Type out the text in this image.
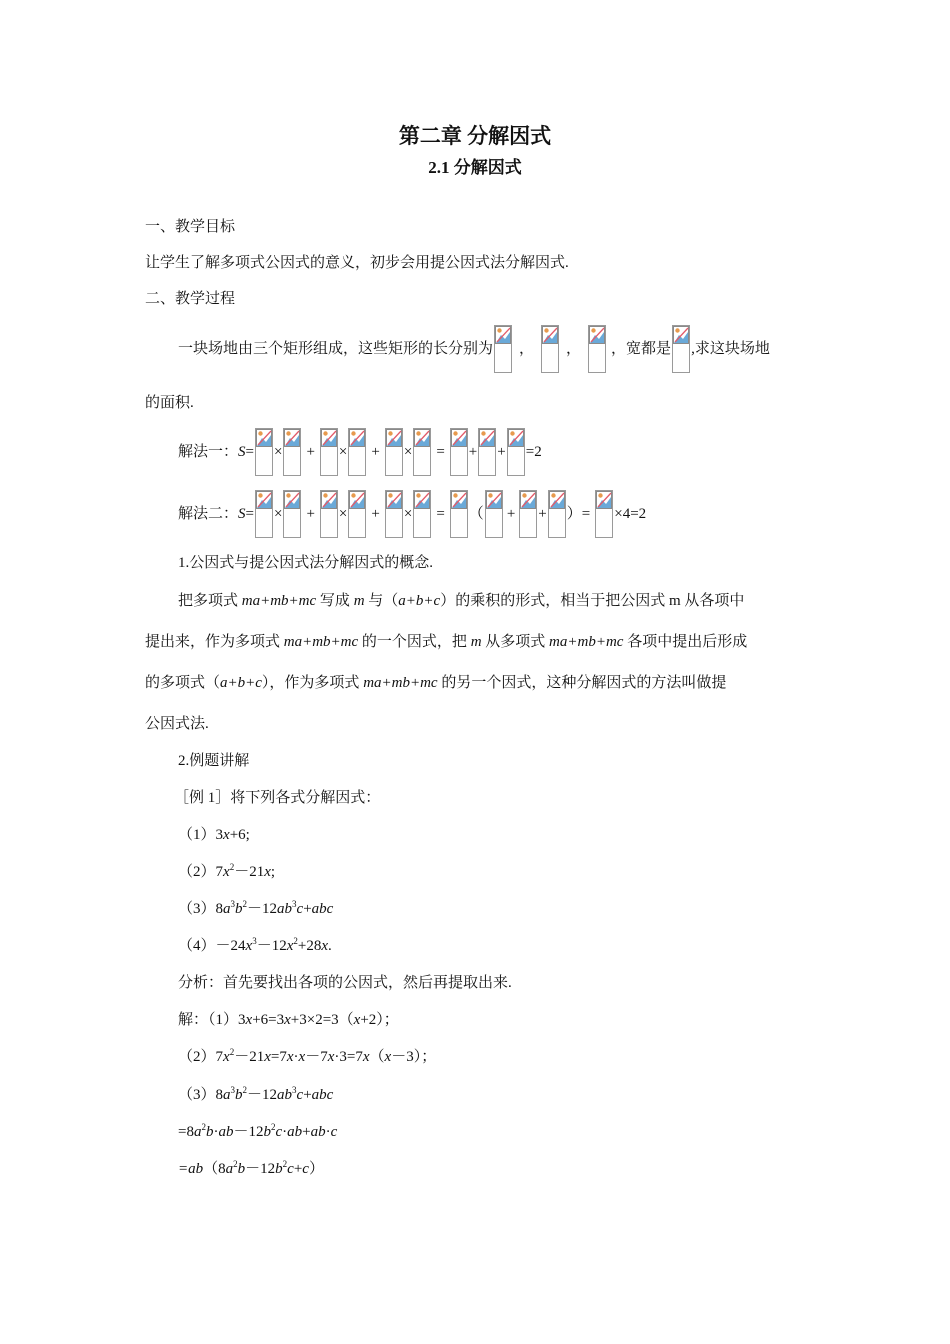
第二章 分解因式
2.1 分解因式
一、教学目标
让学生了解多项式公因式的意义，初步会用提公因式法分解因式.
二、教学过程
一块场地由三个矩形组成，这些矩形的长分别为	，	，	，宽都是 ,求这块场地
的面积.
解法一： S= × + × + × = + + =2
解法二： S= × + × + × = （ + + ） = ×4=2
1.公因式与提公因式法分解因式的概念.
把多项式 ma+mb+mc 写成 m 与（a+b+c）的乘积的形式，相当于把公因式 m 从各项中
提出来，作为多项式 ma+mb+mc 的一个因式，把 m 从多项式 ma+mb+mc 各项中提出后形成
的多项式（a+b+c），作为多项式 ma+mb+mc 的另一个因式，这种分解因式的方法叫做提
公因式法.
2.例题讲解
［例 1］将下列各式分解因式：
（1）3x+6;
$(2)7x^2-21x$;
$(3)8a^3b^2-12ab^3c+abc$
$(4)-24x^3-12x^2+28x$.
分析：首先要找出各项的公因式，然后再提取出来.
解：（1）3x+6=3x+3×2=3（x+2）；
$(2)7x^2-21x=7x\cdot x-7x\cdot 3=7x(x-3)$；
$(3)8a^3b^2-12ab^3c+abc$
$=8a^2b\cdot ab-12b^2c\cdot ab+ab\cdot c$
$=ab(8a^2b-12b^2c+c)$
